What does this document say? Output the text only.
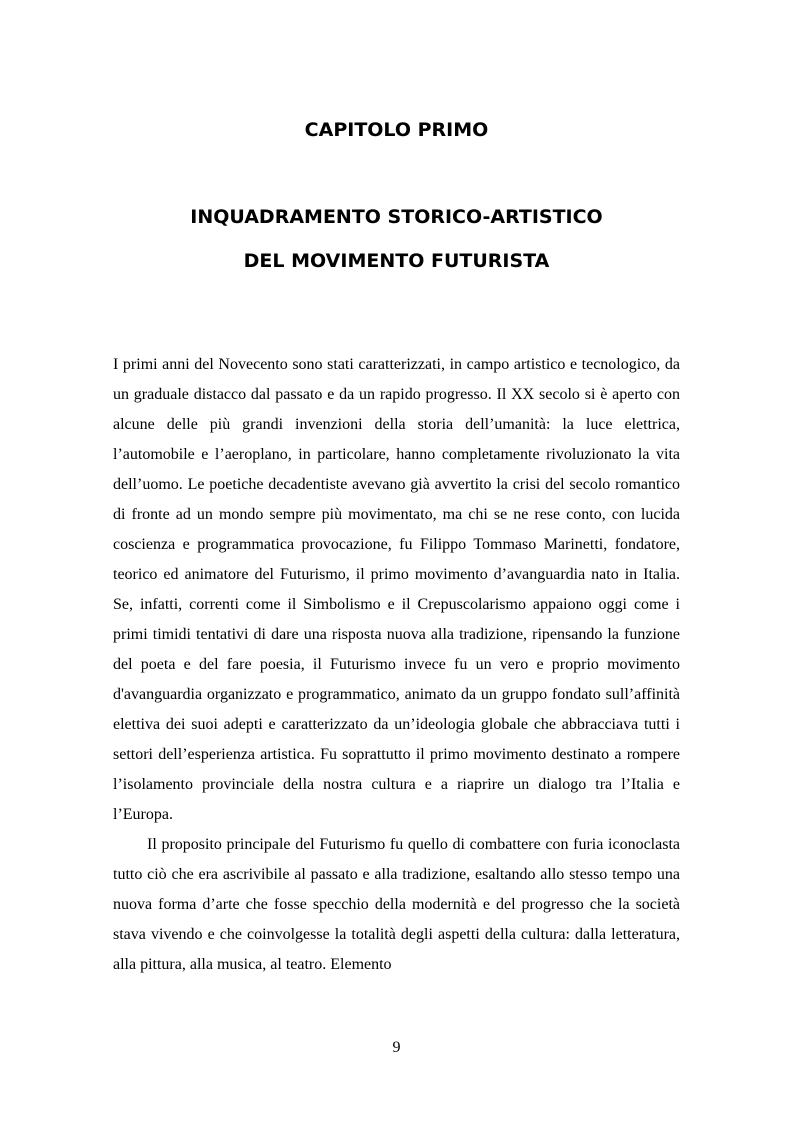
CAPITOLO PRIMO
INQUADRAMENTO STORICO-ARTISTICO
DEL MOVIMENTO FUTURISTA

I primi anni del Novecento sono stati caratterizzati, in campo artistico e tecnologico, da un graduale distacco dal passato e da un rapido progresso. Il XX secolo si è aperto con alcune delle più grandi invenzioni della storia dell’umanità: la luce elettrica, l’automobile e l’aeroplano, in particolare, hanno completamente rivoluzionato la vita dell’uomo. Le poetiche decadentiste avevano già avvertito la crisi del secolo romantico di fronte ad un mondo sempre più movimentato, ma chi se ne rese conto, con lucida coscienza e programmatica provocazione, fu Filippo Tommaso Marinetti, fondatore, teorico ed animatore del Futurismo, il primo movimento d’avanguardia nato in Italia. Se, infatti, correnti come il Simbolismo e il Crepuscolarismo appaiono oggi come i primi timidi tentativi di dare una risposta nuova alla tradizione, ripensando la funzione del poeta e del fare poesia, il Futurismo invece fu un vero e proprio movimento d'avanguardia organizzato e programmatico, animato da un gruppo fondato sull’affinità elettiva dei suoi adepti e caratterizzato da un’ideologia globale che abbracciava tutti i settori dell’esperienza artistica. Fu soprattutto il primo movimento destinato a rompere l’isolamento provinciale della nostra cultura e a riaprire un dialogo tra l’Italia e l’Europa.

Il proposito principale del Futurismo fu quello di combattere con furia iconoclasta tutto ciò che era ascrivibile al passato e alla tradizione, esaltando allo stesso tempo una nuova forma d’arte che fosse specchio della modernità e del progresso che la società stava vivendo e che coinvolgesse la totalità degli aspetti della cultura: dalla letteratura, alla pittura, alla musica, al teatro. Elemento

9
